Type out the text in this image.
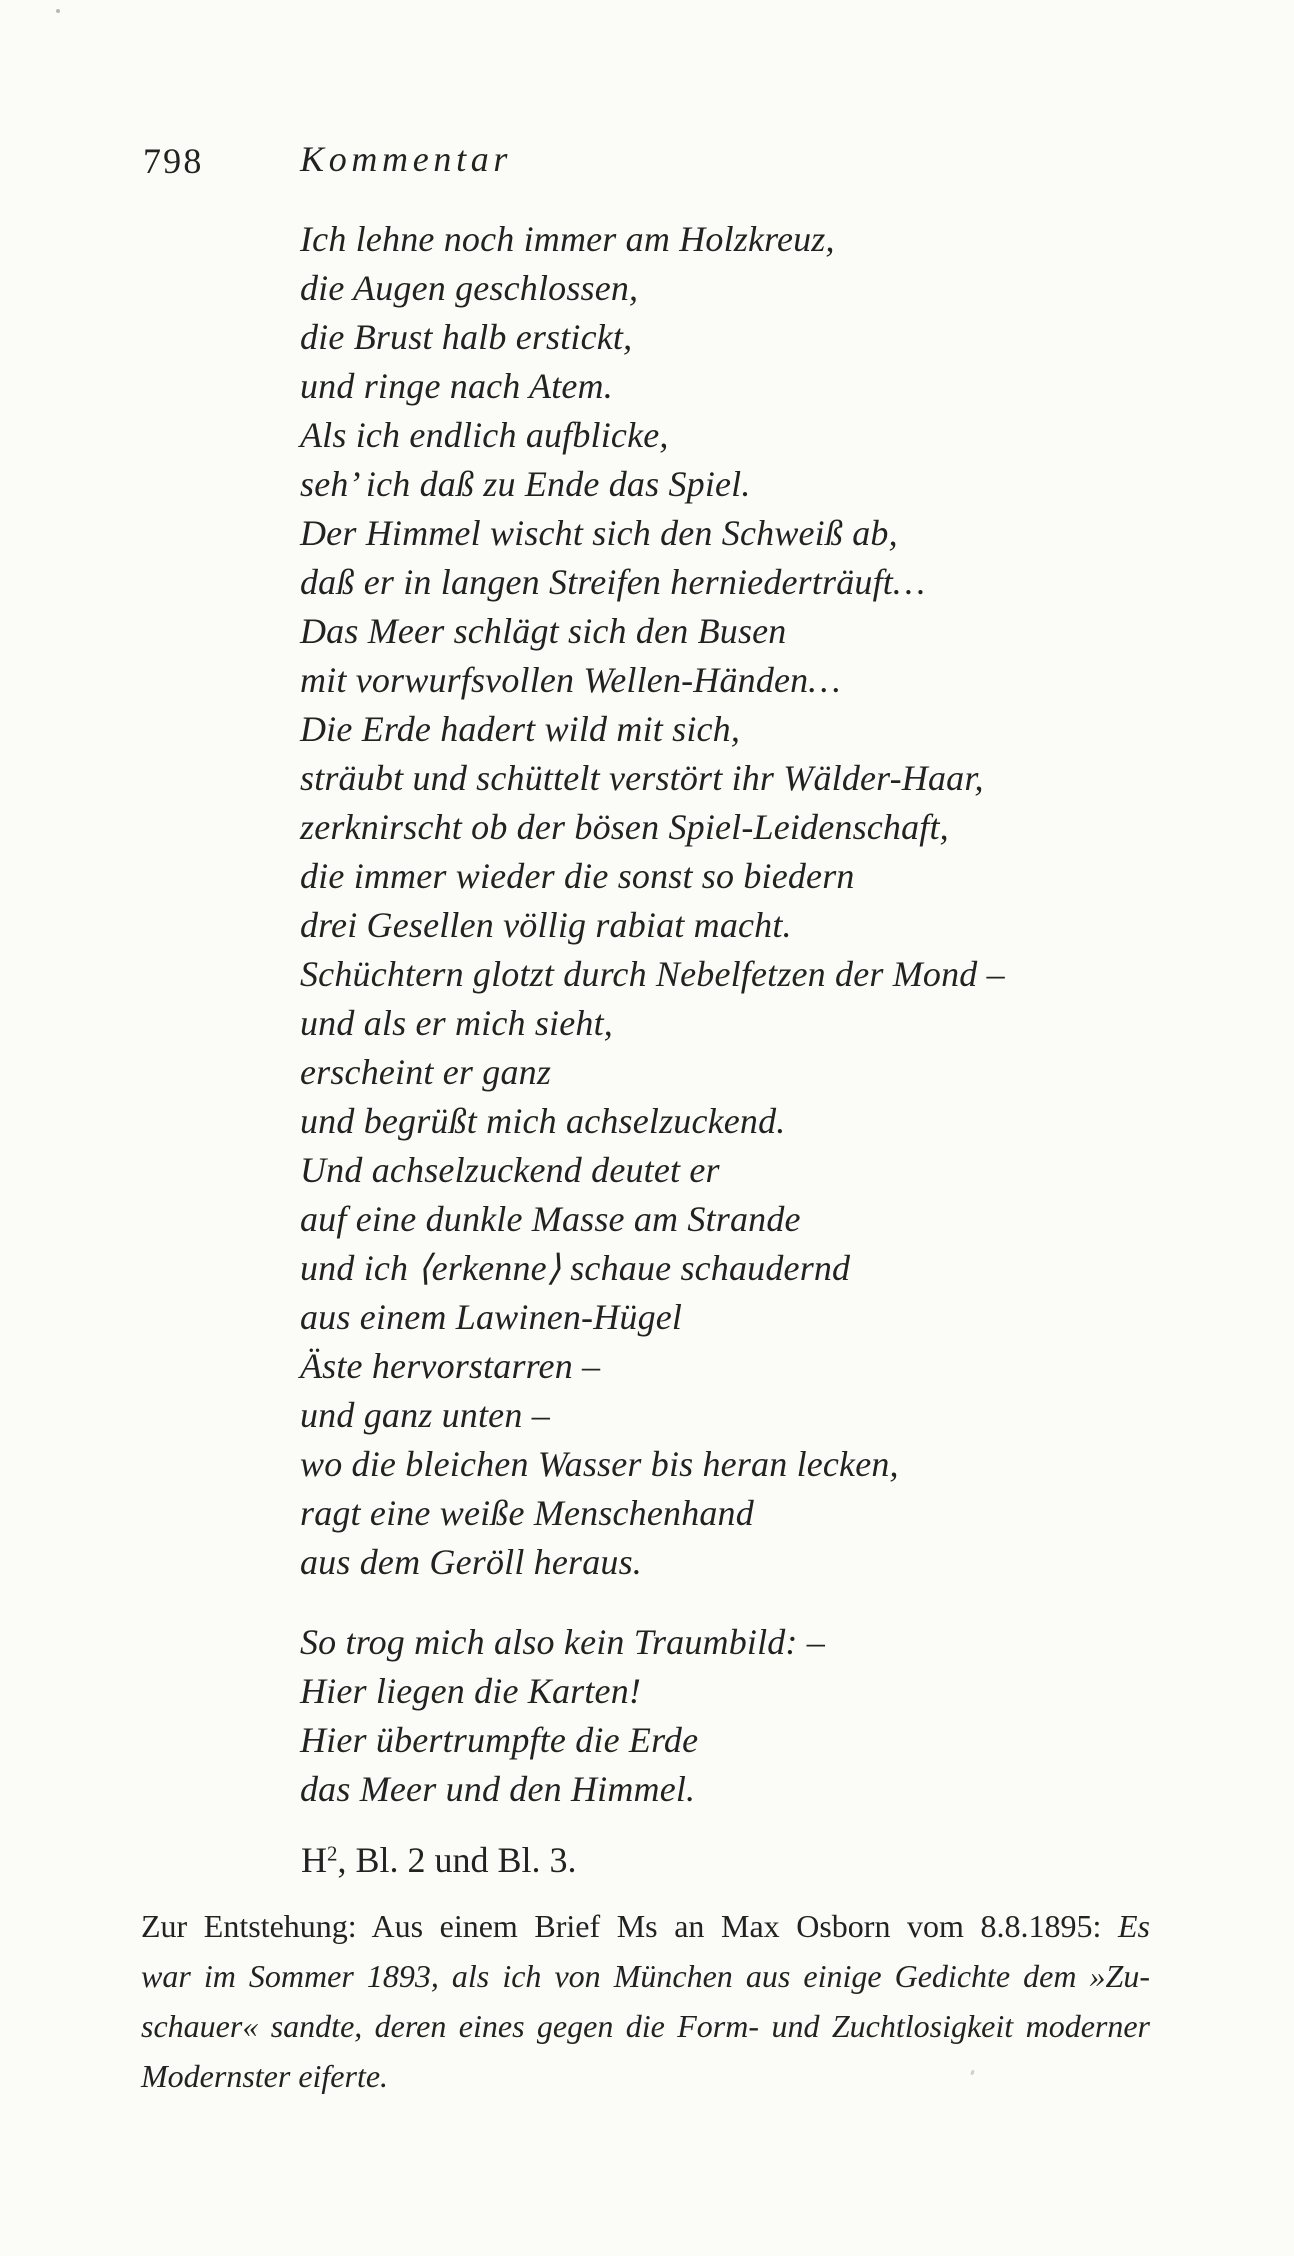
798	Kommentar
Ich lehne noch immer am Holzkreuz,
die Augen geschlossen,
die Brust halb erstickt,
und ringe nach Atem.
Als ich endlich aufblicke,
seh’ ich daß zu Ende das Spiel.
Der Himmel wischt sich den Schweiß ab,
daß er in langen Streifen herniederträuft…
Das Meer schlägt sich den Busen
mit vorwurfsvollen Wellen-Händen…
Die Erde hadert wild mit sich,
sträubt und schüttelt verstört ihr Wälder-Haar,
zerknirscht ob der bösen Spiel-Leidenschaft,
die immer wieder die sonst so biedern
drei Gesellen völlig rabiat macht.
Schüchtern glotzt durch Nebelfetzen der Mond –
und als er mich sieht,
erscheint er ganz
und begrüßt mich achselzuckend.
Und achselzuckend deutet er
auf eine dunkle Masse am Strande
und ich ⟨erkenne⟩ schaue schaudernd
aus einem Lawinen-Hügel
Äste hervorstarren –
und ganz unten –
wo die bleichen Wasser bis heran lecken,
ragt eine weiße Menschenhand
aus dem Geröll heraus.
So trog mich also kein Traumbild: –
Hier liegen die Karten!
Hier übertrumpfte die Erde
das Meer und den Himmel.
$H^2$, Bl. 2 und Bl. 3.
Zur Entstehung: Aus einem Brief Ms an Max Osborn vom 8.8.1895: Es
war im Sommer 1893, als ich von München aus einige Gedichte dem »Zu-
schauer« sandte, deren eines gegen die Form- und Zuchtlosigkeit moderner
Modernster eiferte.
